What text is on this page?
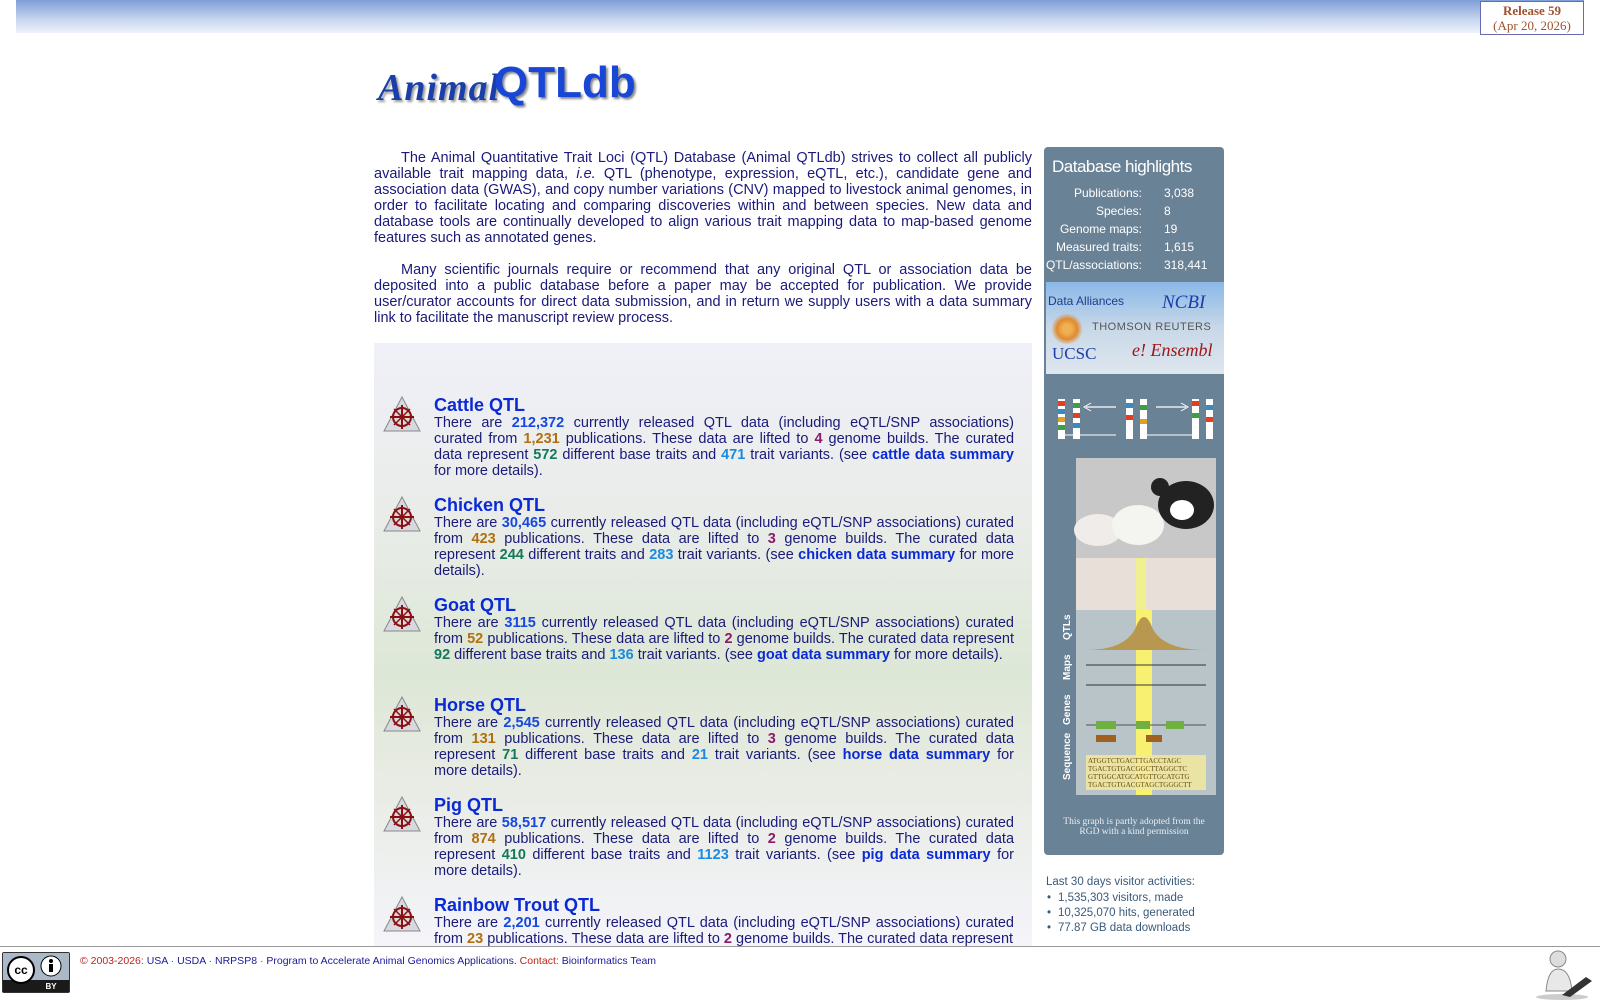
Release 59
(Apr 20, 2026)
Animal
QTLdb

The Animal Quantitative Trait Loci (QTL) Database (Animal QTLdb) strives to collect all publicly available trait mapping data, i.e. QTL (phenotype, expression, eQTL, etc.), candidate gene and association data (GWAS), and copy number variations (CNV) mapped to livestock animal genomes, in order to facilitate locating and comparing discoveries within and between species. New data and database tools are continually developed to align various trait mapping data to map-based genome features such as annotated genes.

Many scientific journals require or recommend that any original QTL or association data be deposited into a public database before a paper may be accepted for publication. We provide user/curator accounts for direct data submission, and in return we supply users with a data summary link to facilitate the manuscript review process.

Cattle QTL
There are 212,372 currently released QTL data (including eQTL/SNP associations) curated from 1,231 publications. These data are lifted to 4 genome builds. The curated data represent 572 different base traits and 471 trait variants. (see cattle data summary for more details).
Chicken QTL
There are 30,465 currently released QTL data (including eQTL/SNP associations) curated from 423 publications. These data are lifted to 3 genome builds. The curated data represent 244 different traits and 283 trait variants. (see chicken data summary for more details).
Goat QTL
There are 3115 currently released QTL data (including eQTL/SNP associations) curated from 52 publications. These data are lifted to 2 genome builds. The curated data represent 92 different base traits and 136 trait variants. (see goat data summary for more details).
Horse QTL
There are 2,545 currently released QTL data (including eQTL/SNP associations) curated from 131 publications. These data are lifted to 3 genome builds. The curated data represent 71 different base traits and 21 trait variants. (see horse data summary for more details).
Pig QTL
There are 58,517 currently released QTL data (including eQTL/SNP associations) curated from 874 publications. These data are lifted to 2 genome builds. The curated data represent 410 different base traits and 1123 trait variants. (see pig data summary for more details).
Rainbow Trout QTL
There are 2,201 currently released QTL data (including eQTL/SNP associations) curated from 23 publications. These data are lifted to 2 genome builds. The curated data represent
Database highlights
Publications: 3,038
Species: 8
Genome maps: 19
Measured traits: 1,615
QTL/associations: 318,441
Data Alliances NCBI
THOMSON REUTERS
UCSC e! Ensembl
QTLs
Maps
Genes
Sequence ATGGTCTGACTTGACCTAGC
TGACTGTGACGGCTTAGGCTC
GTTGGCATGCATGTTGCATGTG
TGACTGTGACGTAGCTGGGCTT
This graph is partly adopted from the RGD with a kind permission
Last 30 days visitor activities:
• 1,535,303 visitors, made
• 10,325,070 hits, generated
• 77.87 GB data downloads
cc
BY
© 2003-2026: USA · USDA · NRPSP8 · Program to Accelerate Animal Genomics Applications. Contact: Bioinformatics Team
